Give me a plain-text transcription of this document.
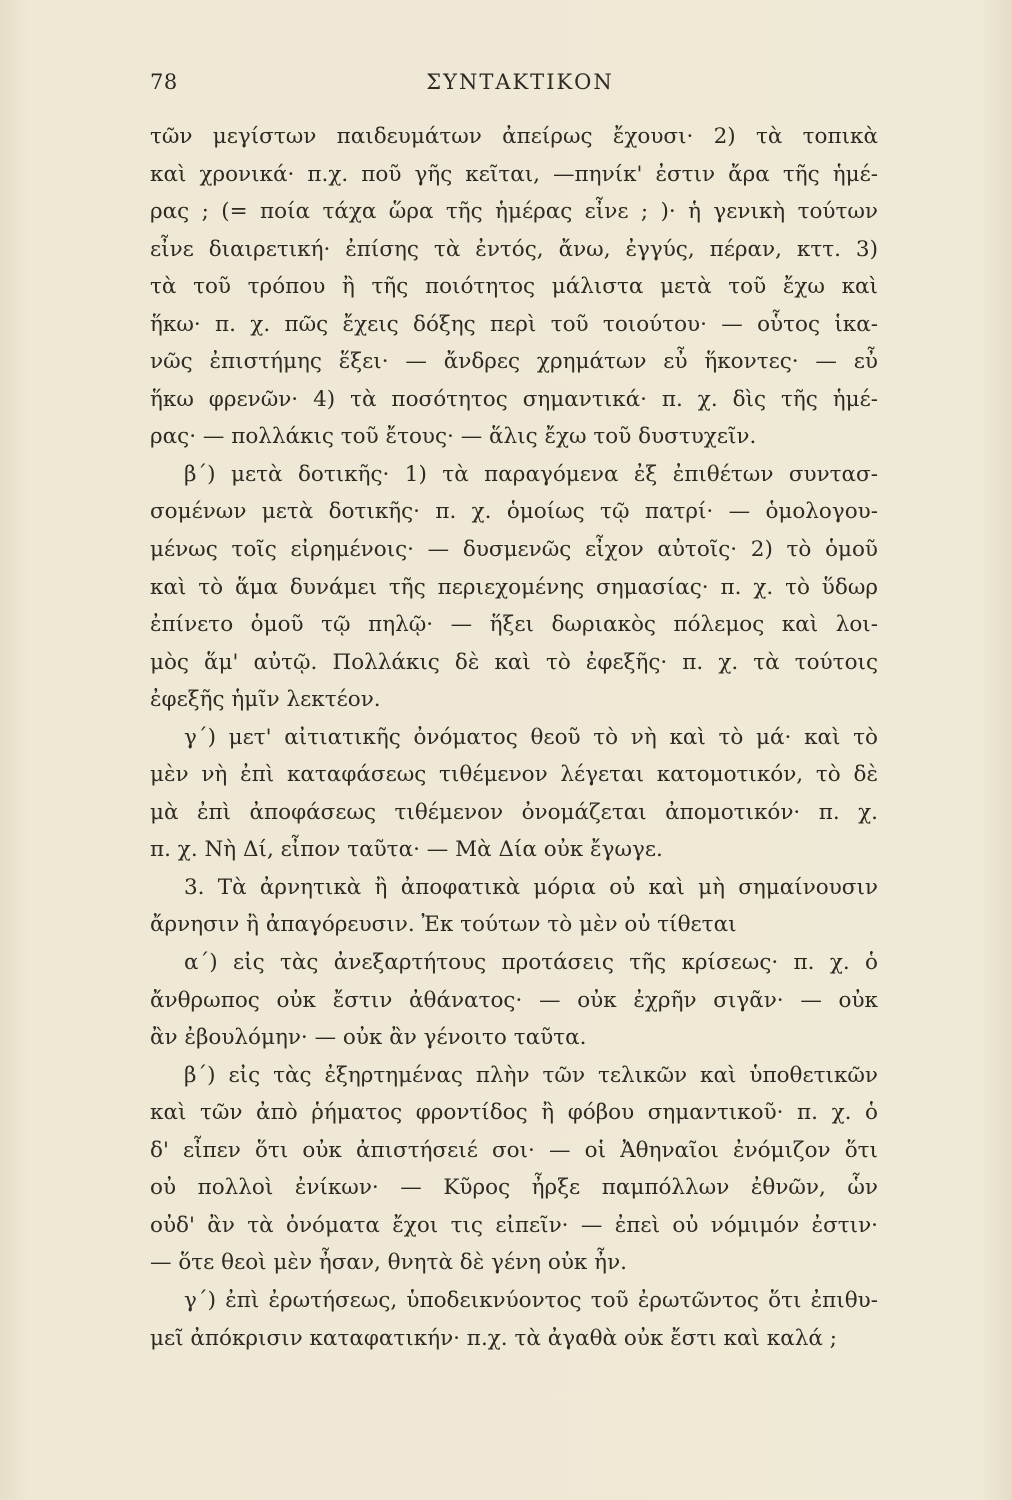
78	ΣΥΝΤΑΚΤΙΚΟΝ
τῶν μεγίστων παιδευμάτων ἀπείρως ἔχουσι· 2) τὰ τοπικὰ
καὶ χρονικά· π.χ. ποῦ γῆς κεῖται, —πηνίκ' ἐστιν ἄρα τῆς ἡμέ-
ρας ; (= ποία τάχα ὥρα τῆς ἡμέρας εἶνε ; )· ἡ γενικὴ τούτων
εἶνε διαιρετική· ἐπίσης τὰ ἐντός, ἄνω, ἐγγύς, πέραν, κττ. 3)
τὰ τοῦ τρόπου ἢ τῆς ποιότητος μάλιστα μετὰ τοῦ ἔχω καὶ
ἥκω· π. χ. πῶς ἔχεις δόξης περὶ τοῦ τοιούτου· — οὗτος ἱκα-
νῶς ἐπιστήμης ἕξει· — ἄνδρες χρημάτων εὖ ἥκοντες· — εὖ
ἥκω φρενῶν· 4) τὰ ποσότητος σημαντικά· π. χ. δὶς τῆς ἡμέ-
ρας· — πολλάκις τοῦ ἔτους· — ἅλις ἔχω τοῦ δυστυχεῖν.
β΄) μετὰ δοτικῆς· 1) τὰ παραγόμενα ἐξ ἐπιθέτων συντασ-
σομένων μετὰ δοτικῆς· π. χ. ὁμοίως τῷ πατρί· — ὁμολογου-
μένως τοῖς εἰρημένοις· — δυσμενῶς εἶχον αὐτοῖς· 2) τὸ ὁμοῦ
καὶ τὸ ἅμα δυνάμει τῆς περιεχομένης σημασίας· π. χ. τὸ ὕδωρ
ἐπίνετο ὁμοῦ τῷ πηλῷ· — ἥξει δωριακὸς πόλεμος καὶ λοι-
μὸς ἅμ' αὐτῷ. Πολλάκις δὲ καὶ τὸ ἐφεξῆς· π. χ. τὰ τούτοις
ἐφεξῆς ἡμῖν λεκτέον.
γ΄) μετ' αἰτιατικῆς ὀνόματος θεοῦ τὸ νὴ καὶ τὸ μά· καὶ τὸ
μὲν νὴ ἐπὶ καταφάσεως τιθέμενον λέγεται κατομοτικόν, τὸ δὲ
μὰ ἐπὶ ἀποφάσεως τιθέμενον ὀνομάζεται ἀπομοτικόν· π. χ.
π. χ. Νὴ Δί, εἶπον ταῦτα· — Μὰ Δία οὐκ ἔγωγε.
3. Τὰ ἀρνητικὰ ἢ ἀποφατικὰ μόρια οὐ καὶ μὴ σημαίνουσιν
ἄρνησιν ἢ ἀπαγόρευσιν. Ἐκ τούτων τὸ μὲν οὐ τίθεται
α΄) εἰς τὰς ἀνεξαρτήτους προτάσεις τῆς κρίσεως· π. χ. ὁ
ἄνθρωπος οὐκ ἔστιν ἀθάνατος· — οὐκ ἐχρῆν σιγᾶν· — οὐκ
ἂν ἐβουλόμην· — οὐκ ἂν γένοιτο ταῦτα.
β΄) εἰς τὰς ἐξηρτημένας πλὴν τῶν τελικῶν καὶ ὑποθετικῶν
καὶ τῶν ἀπὸ ῥήματος φροντίδος ἢ φόβου σημαντικοῦ· π. χ. ὁ
δ' εἶπεν ὅτι οὐκ ἀπιστήσειέ σοι· — οἱ Ἀθηναῖοι ἐνόμιζον ὅτι
οὐ πολλοὶ ἐνίκων· — Κῦρος ἦρξε παμπόλλων ἐθνῶν, ὧν
οὐδ' ἂν τὰ ὀνόματα ἔχοι τις εἰπεῖν· — ἐπεὶ οὐ νόμιμόν ἐστιν·
— ὅτε θεοὶ μὲν ἦσαν, θνητὰ δὲ γένη οὐκ ἦν.
γ΄) ἐπὶ ἐρωτήσεως, ὑποδεικνύοντος τοῦ ἐρωτῶντος ὅτι ἐπιθυ-
μεῖ ἀπόκρισιν καταφατικήν· π.χ. τὰ ἀγαθὰ οὐκ ἔστι καὶ καλά ;
